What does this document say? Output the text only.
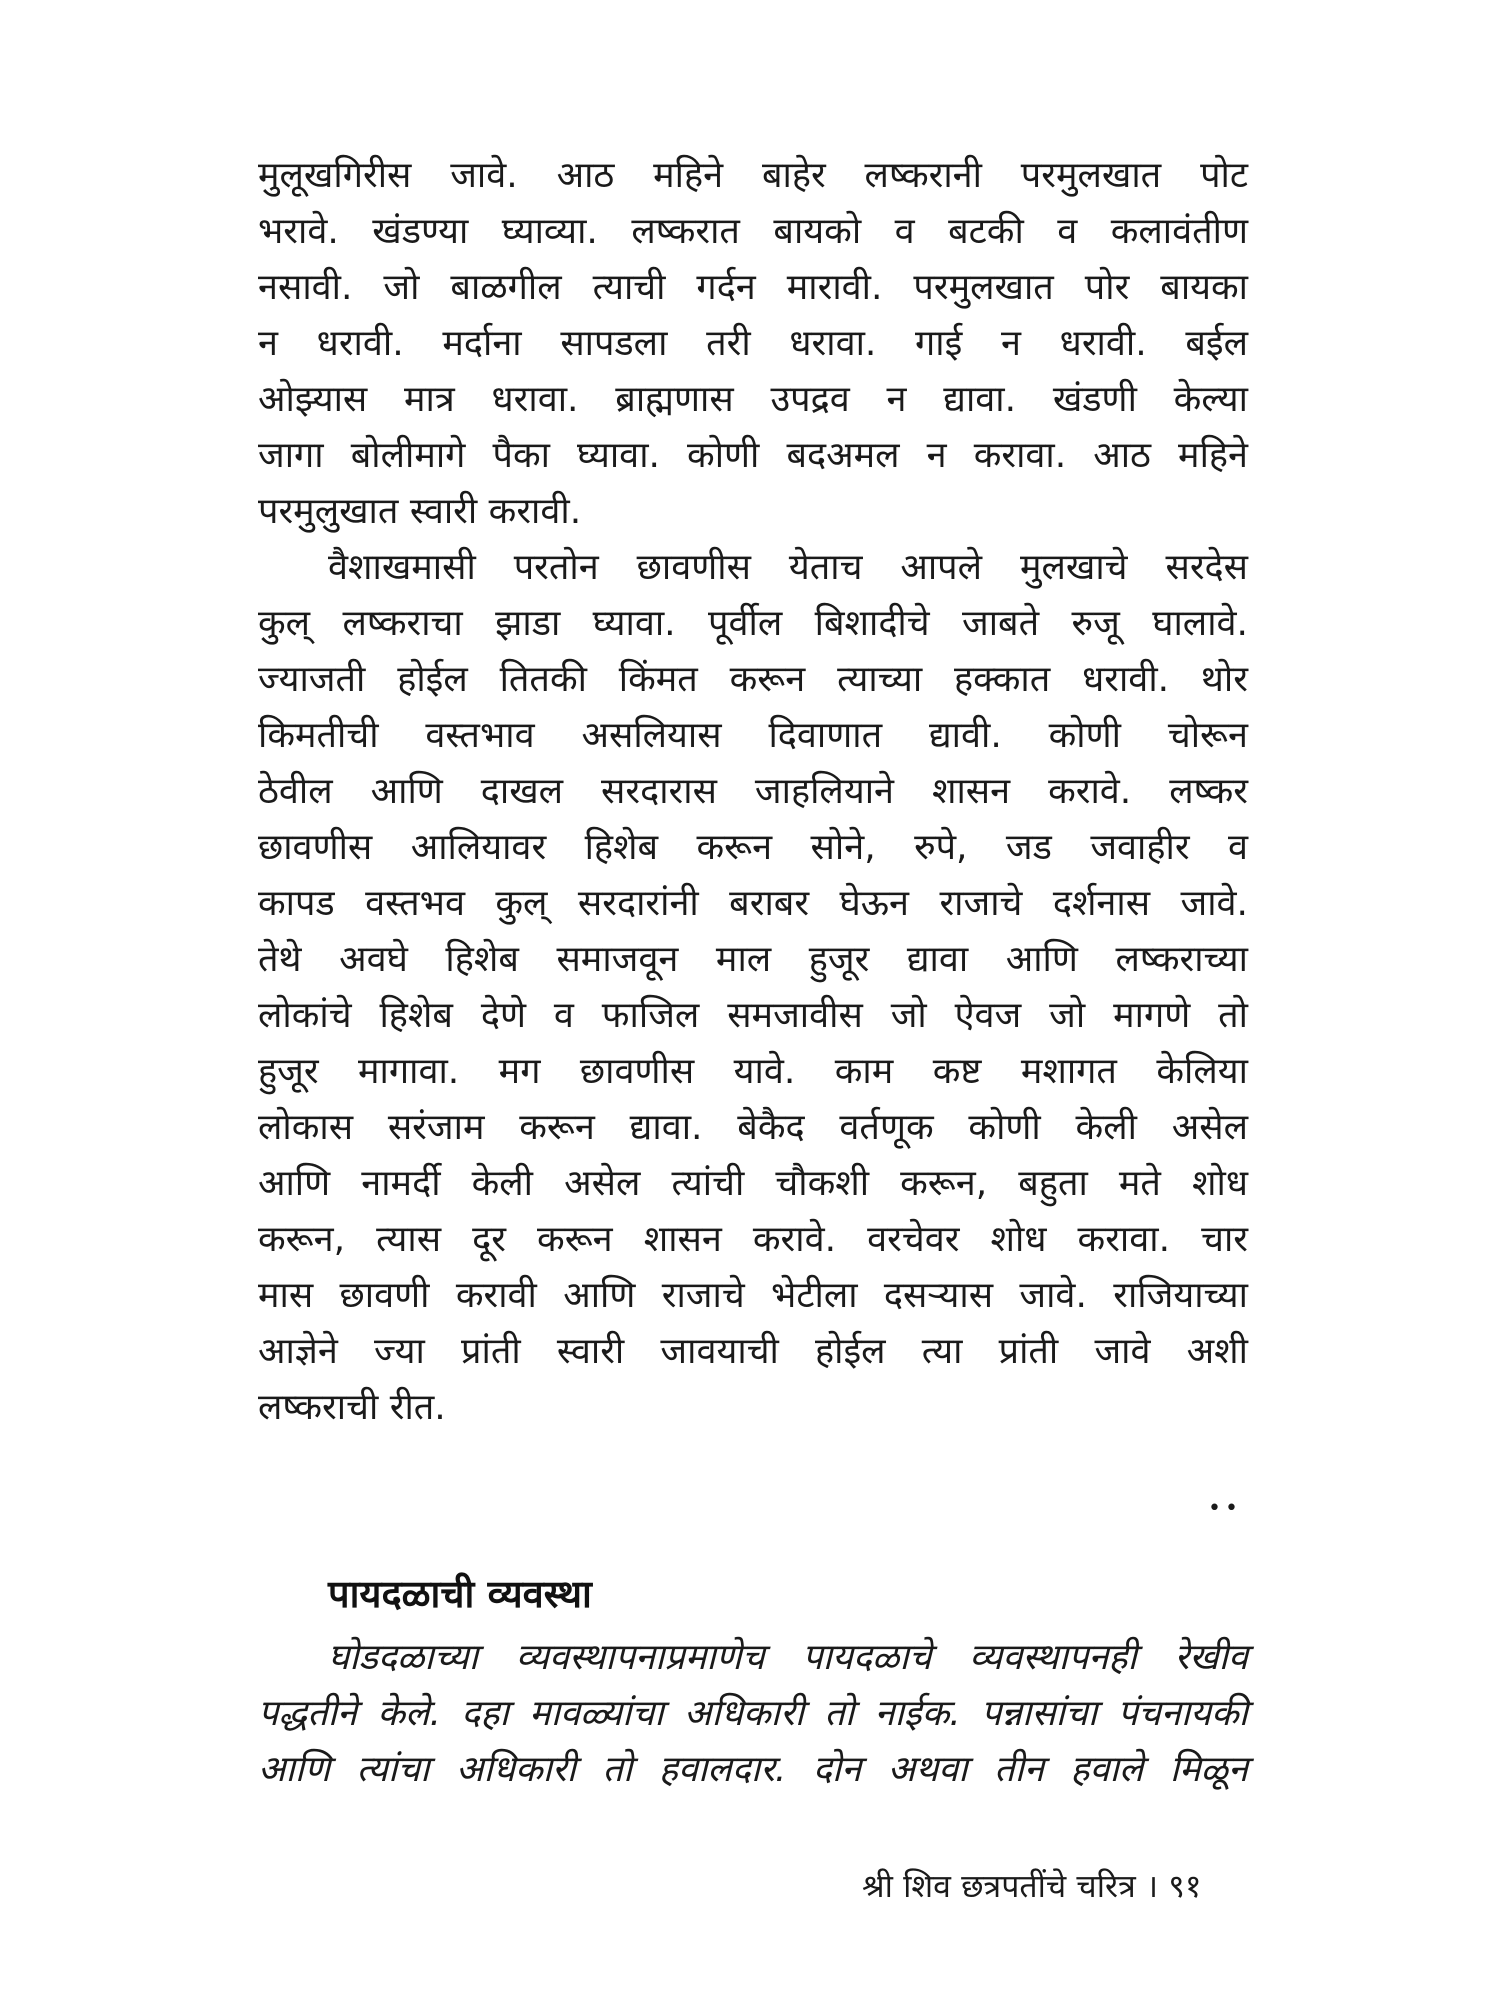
मुलूखगिरीस जावे. आठ महिने बाहेर लष्करानी परमुलखात पोट
भरावे. खंडण्या घ्याव्या. लष्करात बायको व बटकी व कलावंतीण
नसावी. जो बाळगील त्याची गर्दन मारावी. परमुलखात पोर बायका
न धरावी. मर्दाना सापडला तरी धरावा. गाई न धरावी. बईल
ओझ्यास मात्र धरावा. ब्राह्मणास उपद्रव न द्यावा. खंडणी केल्या
जागा बोलीमागे पैका घ्यावा. कोणी बदअमल न करावा. आठ महिने
परमुलुखात स्वारी करावी.
वैशाखमासी परतोन छावणीस येताच आपले मुलखाचे सरदेस
कुल् लष्कराचा झाडा घ्यावा. पूर्वील बिशादीचे जाबते रुजू घालावे.
ज्याजती होईल तितकी किंमत करून त्याच्या हक्कात धरावी. थोर
किमतीची वस्तभाव असलियास दिवाणात द्यावी. कोणी चोरून
ठेवील आणि दाखल सरदारास जाहलियाने शासन करावे. लष्कर
छावणीस आलियावर हिशेब करून सोने, रुपे, जड जवाहीर व
कापड वस्तभव कुल् सरदारांनी बराबर घेऊन राजाचे दर्शनास जावे.
तेथे अवघे हिशेब समाजवून माल हुजूर द्यावा आणि लष्कराच्या
लोकांचे हिशेब देणे व फाजिल समजावीस जो ऐवज जो मागणे तो
हुजूर मागावा. मग छावणीस यावे. काम कष्ट मशागत केलिया
लोकास सरंजाम करून द्यावा. बेकैद वर्तणूक कोणी केली असेल
आणि नामर्दी केली असेल त्यांची चौकशी करून, बहुता मते शोध
करून, त्यास दूर करून शासन करावे. वरचेवर शोध करावा. चार
मास छावणी करावी आणि राजाचे भेटीला दसऱ्यास जावे. राजियाच्या
आज्ञेने ज्या प्रांती स्वारी जावयाची होईल त्या प्रांती जावे अशी
लष्कराची रीत.
••
पायदळाची व्यवस्था
घोडदळाच्या व्यवस्थापनाप्रमाणेच पायदळाचे व्यवस्थापनही रेखीव
पद्धतीने केले. दहा मावळ्यांचा अधिकारी तो नाईक. पन्नासांचा पंचनायकी
आणि त्यांचा अधिकारी तो हवालदार. दोन अथवा तीन हवाले मिळून
श्री शिव छत्रपतींचे चरित्र । ९१
